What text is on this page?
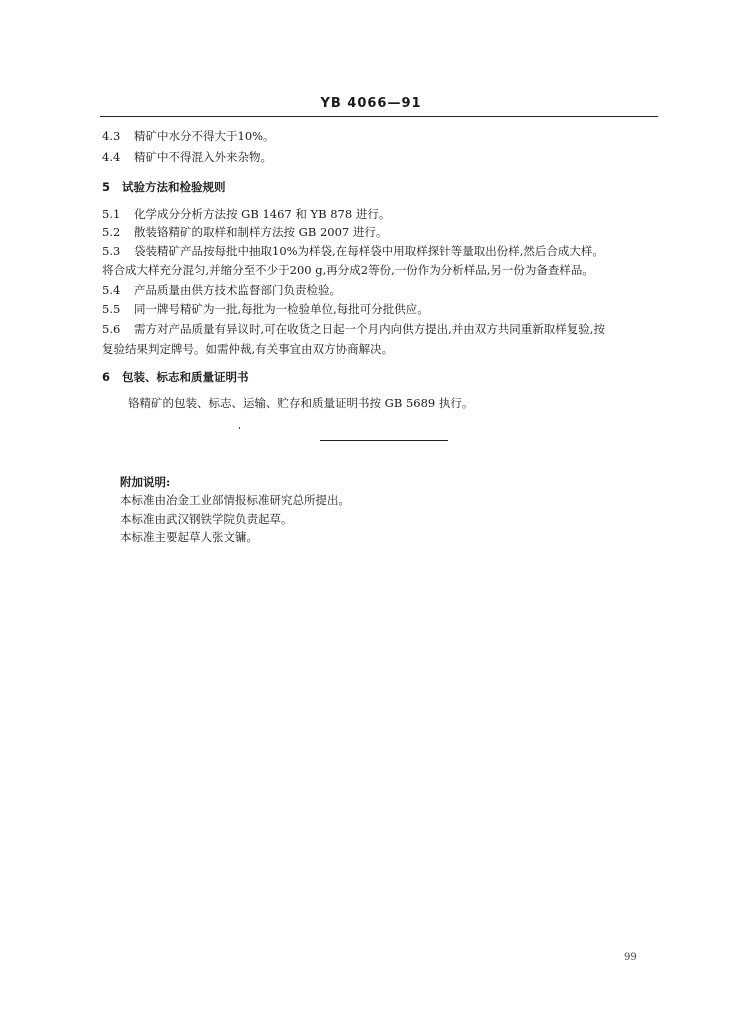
YB 4066—91
4.3 精矿中水分不得大于10%。
4.4 精矿中不得混入外来杂物。
5 试验方法和检验规则
5.1 化学成分分析方法按 GB 1467 和 YB 878 进行。
5.2 散装铬精矿的取样和制样方法按 GB 2007 进行。
5.3 袋装精矿产品按每批中抽取10%为样袋,在每样袋中用取样探针等量取出份样,然后合成大样。
将合成大样充分混匀,并缩分至不少于200 g,再分成2等份,一份作为分析样品,另一份为备查样品。
5.4 产品质量由供方技术监督部门负责检验。
5.5 同一牌号精矿为一批,每批为一检验单位,每批可分批供应。
5.6 需方对产品质量有异议时,可在收货之日起一个月内向供方提出,并由双方共同重新取样复验,按
复验结果判定牌号。如需仲裁,有关事宜由双方协商解决。
6 包装、标志和质量证明书
铬精矿的包装、标志、运输、贮存和质量证明书按 GB 5689 执行。
附加说明:
本标准由冶金工业部情报标准研究总所提出。
本标准由武汉钢铁学院负责起草。
本标准主要起草人张文镛。
99
